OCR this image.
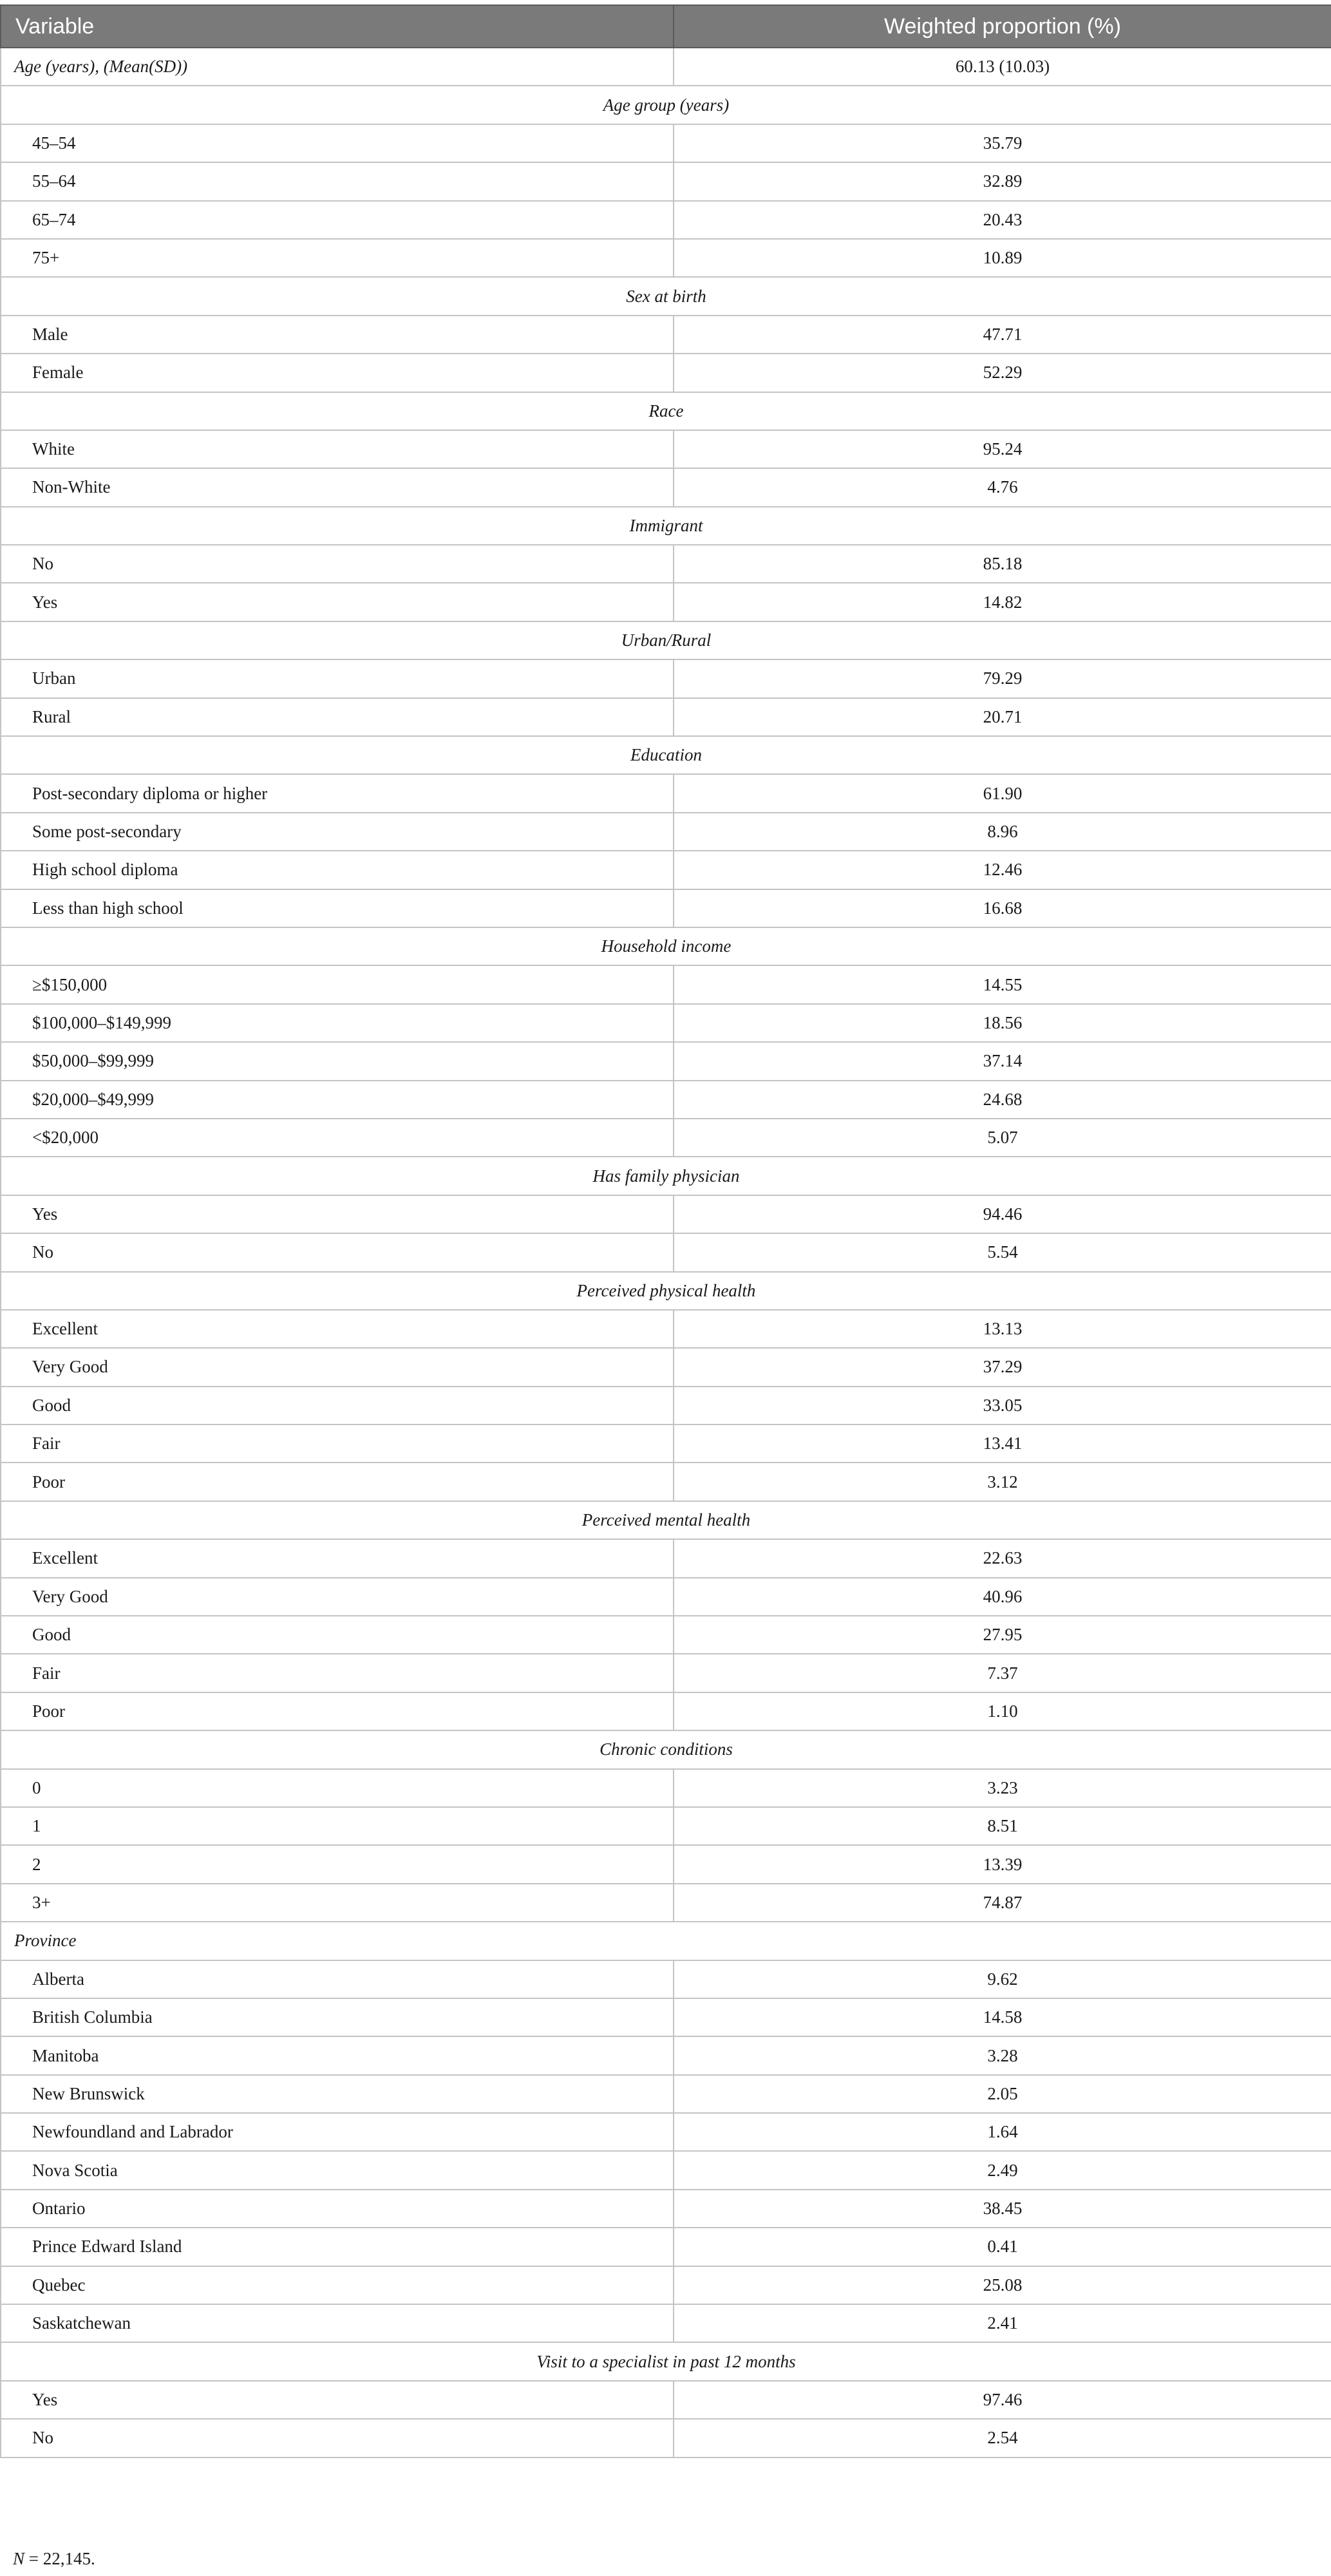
Variable	Weighted proportion (%)
Age (years), (Mean(SD))	60.13 (10.03)
Age group (years)	
45–54	35.79
55–64	32.89
65–74	20.43
75+	10.89
Sex at birth	
Male	47.71
Female	52.29
Race	
White	95.24
Non-White	4.76
Immigrant	
No	85.18
Yes	14.82
Urban/Rural	
Urban	79.29
Rural	20.71
Education	
Post-secondary diploma or higher	61.90
Some post-secondary	8.96
High school diploma	12.46
Less than high school	16.68
Household income	
≥$150,000	14.55
$100,000–$149,999	18.56
$50,000–$99,999	37.14
$20,000–$49,999	24.68
<$20,000	5.07
Has family physician	
Yes	94.46
No	5.54
Perceived physical health	
Excellent	13.13
Very Good	37.29
Good	33.05
Fair	13.41
Poor	3.12
Perceived mental health	
Excellent	22.63
Very Good	40.96
Good	27.95
Fair	7.37
Poor	1.10
Chronic conditions	
0	3.23
1	8.51
2	13.39
3+	74.87
Province	
Alberta	9.62
British Columbia	14.58
Manitoba	3.28
New Brunswick	2.05
Newfoundland and Labrador	1.64
Nova Scotia	2.49
Ontario	38.45
Prince Edward Island	0.41
Quebec	25.08
Saskatchewan	2.41
Visit to a specialist in past 12 months	
Yes	97.46
No	2.54
N = 22,145.
